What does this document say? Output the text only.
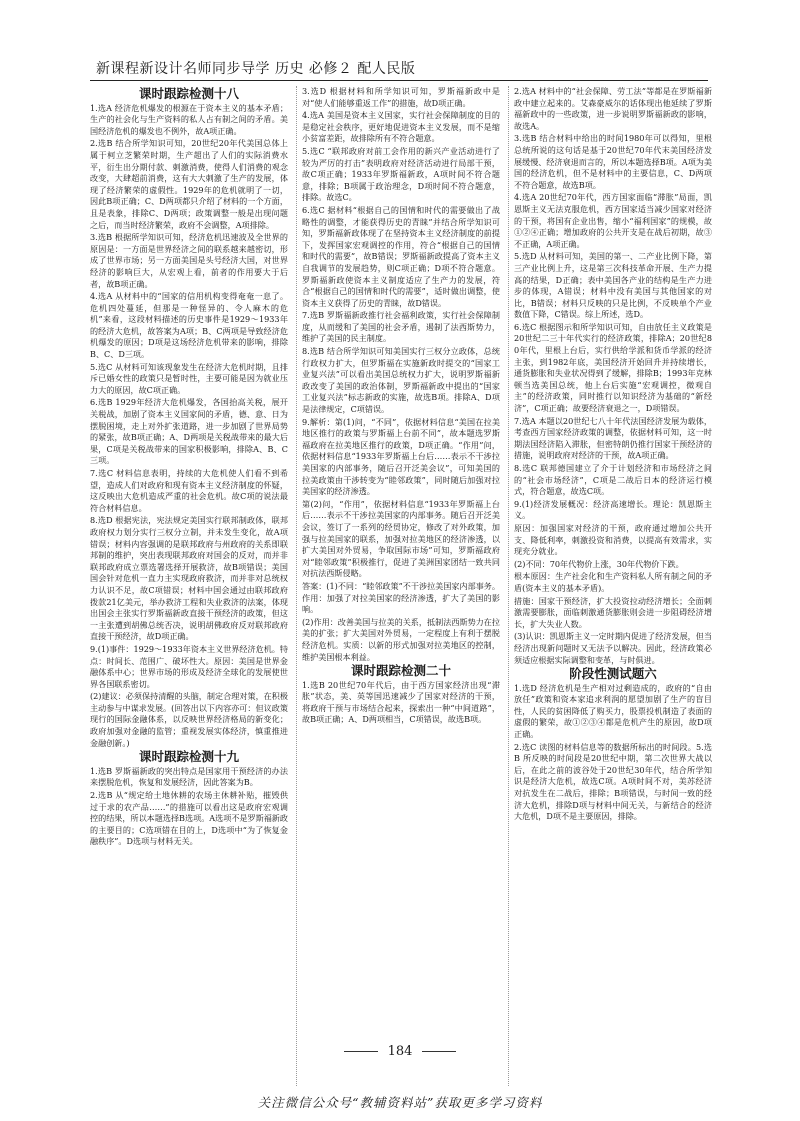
新课程新设计名师同步导学 历史 必修２ 配人民版
课时跟踪检测十八
1.选A 经济危机爆发的根源在于资本主义的基本矛盾；生产的社会化与生产资料的私人占有制之间的矛盾。美国经济危机的爆发也不例外，故A项正确。
2.选B 结合所学知识可知，20世纪20年代美国总体上属于柯立芝繁荣时期，生产超出了人们的实际消费水平，衍生出分期付款、刺激消费，使得人们消费的观念改变，大肆超前消费，这有大大刺激了生产的发展，体现了经济繁荣的虚假性。1929年的危机就明了一切，因此B项正确；C、D两项都只介绍了材料的一个方面，且是表象，排除C、D两项；政策调整一般是出现问题之后，而当时经济繁荣，政府不会调整，A项排除。
3.选B 根据所学知识可知，经济危机迅速波及全世界的原因是：一方面是世界经济之间的联系越来越密切，形成了世界市场；另一方面美国是头号经济大国，对世界经济的影响巨大，从宏观上看，前者的作用要大于后者，故B项正确。
4.选A 从材料中的“国家的信用机构变得奄奄一息了。危机四处蔓延，但那是一种怪异的、令人麻木的危机”来看，这段材料描述的历史事件是1929～1933年的经济大危机，故答案为A项；B、C两项是导致经济危机爆发的原因；D项是这场经济危机带来的影响，排除B、C、D三项。
5.选C 从材料可知该现象发生在经济大危机时期，且排斥已婚女性的政策只是暂时性，主要可能是因为就业压力大的原因，故C项正确。
6.选B 1929年经济大危机爆发，各国抬高关税，展开关税战，加剧了资本主义国家间的矛盾，德、意、日为摆脱困境，走上对外扩张道路，进一步加剧了世界局势的紧张，故B项正确；A、D两项是关税战带来的最大后果，C项是关税战带来的国家积极影响，排除A、B、C三项。
7.选C 材料信息表明，持续的大危机使人们看不到希望，造成人们对政府和现有资本主义经济制度的怀疑，这反映出大危机造成严重的社会危机。故C项的说法最符合材料信息。
8.选D 根据宪法，宪法规定美国实行联邦制政体，联邦政府权力划分实行三权分立制，并未发生变化，故A项错误；材料内容强调的是联邦政府与州政府的关系即联邦制的维护，突出表现联邦政府对国会的反对，而并非联邦政府成立票选署选择开展救济，故B项错误；美国国会针对危机一直力主实现政府救济，而并非对总统权力认识不足，故C项错误；材料中国会通过由联邦政府拨款21亿美元，举办救济工程和失业救济的法案，体现出国会主张实行罗斯福新政直接干预经济的政策，但这一主张遭到胡佛总统否决，说明胡佛政府反对联邦政府直接干预经济，故D项正确。
9.(1)事件：1929～1933年资本主义世界经济危机。特点：时间长、范围广、破坏性大。原因：美国是世界金融体系中心；世界市场的形成及经济全球化的发展使世界各国联系密切。
(2)建议：必须保持清醒的头脑，制定合理对策，在积极主动参与中谋求发展。(回答出以下内容亦可：但议政策现行的国际金融体系，以反映世界经济格局的新变化；政府加强对金融的监管；重视发展实体经济，慎重推进金融创新。)
课时跟踪检测十九
1.选B 罗斯福新政的突出特点是国家用干预经济的办法来摆脱危机，恢复和发展经济，因此答案为B。
2.选B 从“规定给土地休耕的农场主休耕补贴，摧毁供过于求的农产品……”的措施可以看出这是政府宏观调控的结果，所以本题选择B选项。A选项不是罗斯福新政的主要目的；C选项错在目的上，D选项中“为了恢复金融秩序”。D选项与材料无关。
3.选D 根据材料和所学知识可知，罗斯福新政中是对“使人们能够重返工作”的措施，故D项正确。
4.选A 美国是资本主义国家，实行社会保障制度的目的是稳定社会秩序，更好地促进资本主义发展，而不是缩小贫富差距，故排除所有不符合题意。
5.选C “联邦政府对前工会作用的新兴产业活动进行了较为严厉的打击”表明政府对经济活动进行局部干预，故C项正确；1933年罗斯福新政，A项时间不符合题意，排除；B项属于政治理念，D项时间不符合题意，排除。故选C。
6.选C 据材料“根据自己的国情和时代的需要做出了战略性的调整，才能获得历史的青睐”并结合所学知识可知，罗斯福新政体现了在坚持资本主义经济制度的前提下，发挥国家宏观调控的作用，符合“根据自己的国情和时代的需要”，故B错误；罗斯福新政提高了资本主义自我调节的发展趋势，则C项正确；D项不符合题意。罗斯福新政使资本主义制度适应了生产力的发展，符合“根据自己的国情和时代的需要”，适时做出调整，使资本主义获得了历史的青睐，故D错误。
7.选B 罗斯福新政推行社会福利政策，实行社会保障制度，从而缓和了美国的社会矛盾，遏制了法西斯势力，维护了美国的民主制度。
8.选B 结合所学知识可知美国实行三权分立政体，总统行政权力扩大，但罗斯福在实施新政时提交的“国家工业复兴法”可以看出美国总统权力扩大，说明罗斯福新政改变了美国的政治体制，罗斯福新政中提出的“国家工业复兴法”标志新政的实施，故选B项。排除A、D项是法律规定，C项错误。
9.解析：第(1)问，“不同”，依据材料信息“美国在拉美地区推行的政策与罗斯福上台前不同”，故本题选罗斯福政府在拉美地区推行的政策，D项正确。“作用”问，依据材料信息“1933年罗斯福上台后……表示不干涉拉美国家的内部事务，随后召开泛美会议”，可知美国的拉美政策由干涉转变为“睦邻政策”，同时随后加强对拉美国家的经济渗透。
第(2)问，“作用”，依据材料信息“1933年罗斯福上台后……表示不干涉拉美国家的内部事务。随后召开泛美会议，签订了一系列的经贸协定，修改了对外政策，加强与拉美国家的联系，加强对拉美地区的经济渗透，以扩大美国对外贸易，争取国际市场”可知，罗斯福政府对“睦邻政策”积极推行，促进了美洲国家团结一致共同对抗法西斯侵略。
答案：(1)不同：“睦邻政策”不干涉拉美国家内部事务。作用：加强了对拉美国家的经济渗透，扩大了美国的影响。
(2)作用：改善美国与拉美的关系，抵制法西斯势力在拉美的扩张；扩大美国对外贸易，一定程度上有利于摆脱经济危机。实质：以新的形式加强对拉美地区的控制，维护美国根本利益。
课时跟踪检测二十
1.选B 20世纪70年代后，由于西方国家经济出现“滞胀”状态，美、英等国迅速减少了国家对经济的干预，将政府干预与市场结合起来，探索出一种“中间道路”，故B项正确；A、D两项相当，C项错误，故选B项。
2.选A 材料中的“社会保障、劳工法”等都是在罗斯福新政中建立起来的。艾森豪威尔的话体现出他延续了罗斯福新政中的一些政策，进一步说明罗斯福新政的影响，故选A。
3.选B 结合材料中给出的时间1980年可以得知，里根总统所说的这句话是基于20世纪70年代末美国经济发展缓慢、经济衰退而言的，所以本题选择B项。A项为美国的经济危机，但不是材料中的主要信息，C、D两项不符合题意，故选B项。
4.选A 20世纪70年代，西方国家面临“滞胀”局面，凯恩斯主义无法克服危机，西方国家适当减少国家对经济的干预，将国有企业出售，缩小“福利国家”的规模，故①②④正确；增加政府的公共开支是在战后初期，故③不正确，A项正确。
5.选D 从材料可知，美国的第一、二产业比例下降，第三产业比例上升，这是第三次科技革命开展、生产力提高的结果，D正确；表中美国各产业的结构是生产力进步的体现，A错误；材料中没有美国与其他国家的对比，B错误；材料只反映的只是比例，不反映单个产业数值下降，C错误。综上所述，选D。
6.选C 根据图示和所学知识可知，自由放任主义政策是20世纪二三十年代实行的经济政策，排除A；20世纪80年代，里根上台后，实行供给学派和货币学派的经济主张，到1982年底，美国经济开始回升并持续增长，通货膨胀和失业状况得到了缓解，排除B；1993年克林顿当选美国总统，他上台后实施“宏观调控，微观自主”的经济政策，同时推行以知识经济为基础的“新经济”，C项正确；故要经济衰退之一，D项错误。
7.选A 本题以20世纪七八十年代法国经济发展为载体，考查西方国家经济政策的调整，依据材料可知，这一时期法国经济陷入滞胀，但密特朗仍推行国家干预经济的措施，说明政府对经济的干预，故A项正确。
8.选C 联邦德国建立了介于计划经济和市场经济之间的“社会市场经济”，C项是二战后日本的经济运行模式，符合题意，故选C项。
9.(1)经济发展概况：经济高速增长。理论：凯恩斯主义。
原因：加强国家对经济的干预，政府通过增加公共开支、降低利率，刺激投资和消费，以提高有效需求，实现充分就业。
(2)不同：70年代物价上涨，30年代物价下跌。
根本原因：生产社会化和生产资料私人所有制之间的矛盾(资本主义的基本矛盾)。
措施：国家干预经济，扩大投资拉动经济增长；全面刺激需要膨胀，面临刺激通货膨胀则会进一步阻碍经济增长，扩大失业人数。
(3)认识：凯恩斯主义一定时期内促进了经济发展，但当经济出现新问题时又无法予以解决。因此，经济政策必须适应根据实际调整和变革，与时俱进。
阶段性测试题六
1.选D 经济危机是生产相对过剩造成的，政府的“自由放任”政策和资本家追求利润的愿望加剧了生产的盲目性，人民的贫困降低了购买力，股票投机制造了表面的虚假的繁荣，故①②③④都是危机产生的原因，故D项正确。
2.选C 读图的材料信息等的数据所标出的时间段。5.选B 所反映的时间段是20世纪中期，第二次世界大战以后，在此之前的波谷处于20世纪30年代，结合所学知识是经济大危机，故选C项。A项时间不对，美苏经济对抗发生在二战后，排除；B项错误，与时间一致的经济大危机，排除D项与材料中间无关，与新结合的经济大危机，D项不是主要原因，排除。
184
关注微信公众号“教辅资料站”获取更多学习资料
